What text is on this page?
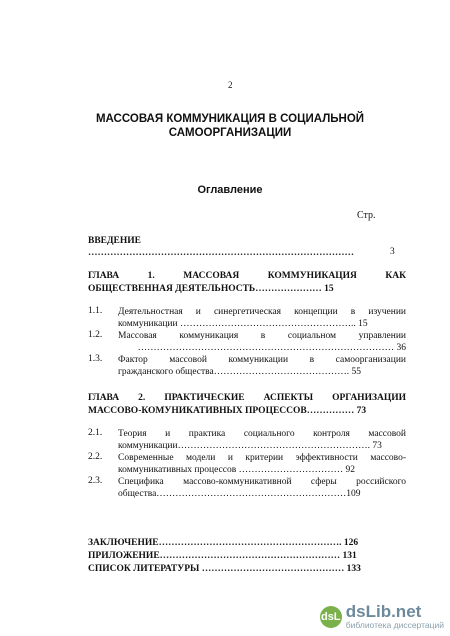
2
МАССОВАЯ КОММУНИКАЦИЯ В СОЦИАЛЬНОЙ
САМООРГАНИЗАЦИИ
Оглавление
Стр.
ВВЕДЕНИЕ
…………………………………………………………………………	3
ГЛАВА 1. МАССОВАЯ КОММУНИКАЦИЯ КАК
ОБЩЕСТВЕННАЯ ДЕЯТЕЛЬНОСТЬ………………… 15
1.1. Деятельностная и синергетическая концепции в изучении
коммуникации ……………………………………………….. 15
1.2. Массовая коммуникация в социальном управлении
……………………………………………………………………… 36
1.3. Фактор массовой коммуникации в самоорганизации
гражданского общества……………………………………. 55
ГЛАВА 2. ПРАКТИЧЕСКИЕ АСПЕКТЫ ОРГАНИЗАЦИИ
МАССОВО-КОМУНИКАТИВНЫХ ПРОЦЕССОВ…………… 73
2.1. Теория и практика социального контроля массовой
коммуникации……………………………………………………. 73
2.2. Современные модели и критерии эффективности массово-
коммуникативных процессов …………………………… 92
2.3. Специфика массово-коммуникативной сферы российского
общества……………………………………………………109
ЗАКЛЮЧЕНИЕ…………………………………………………. 126
ПРИЛОЖЕНИЕ………………………………………………… 131
СПИСОК ЛИТЕРАТУРЫ ……………………………………… 133
dsL dsLib.net
библиотека диссертаций
